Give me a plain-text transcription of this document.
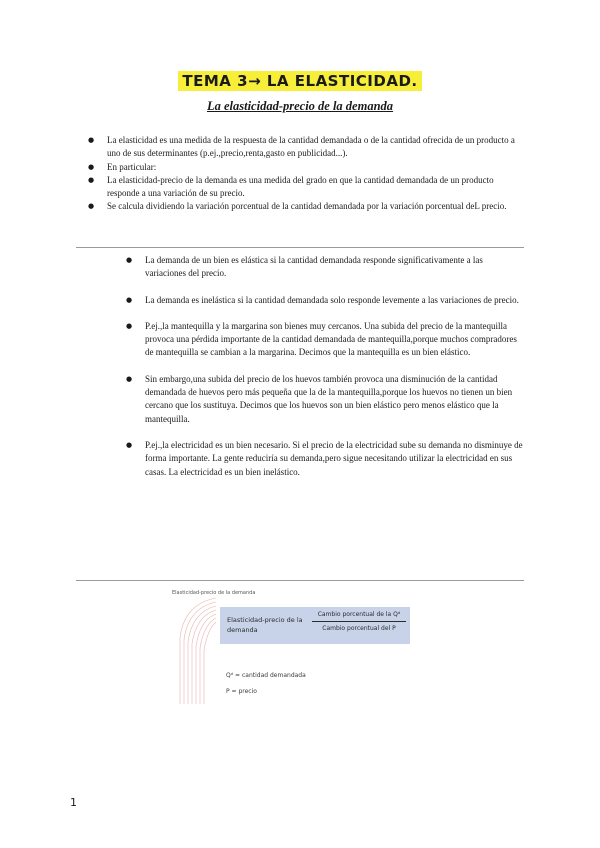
TEMA 3→ LA ELASTICIDAD.
La elasticidad-precio de la demanda
● La elasticidad es una medida de la respuesta de la cantidad demandada o de la cantidad ofrecida de un producto a uno de sus determinantes (p.ej.,precio,renta,gasto en publicidad...).
● En particular:
● La elasticidad-precio de la demanda es una medida del grado en que la cantidad demandada de un producto responde a una variación de su precio.
● Se calcula dividiendo la variación porcentual de la cantidad demandada por la variación porcentual deL precio.
● La demanda de un bien es elástica si la cantidad demandada responde significativamente a las variaciones del precio.
● La demanda es inelástica si la cantidad demandada solo responde levemente a las variaciones de precio.
● P.ej.,la mantequilla y la margarina son bienes muy cercanos. Una subida del precio de la mantequilla provoca una pérdida importante de la cantidad demandada de mantequilla,porque muchos compradores de mantequilla se cambian a la margarina. Decimos que la mantequilla es un bien elástico.
● Sin embargo,una subida del precio de los huevos también provoca una disminución de la cantidad demandada de huevos pero más pequeña que la de la mantequilla,porque los huevos no tienen un bien cercano que los sustituya. Decimos que los huevos son un bien elástico pero menos elástico que la mantequilla.
● P.ej.,la electricidad es un bien necesario. Si el precio de la electricidad sube su demanda no disminuye de forma importante. La gente reduciría su demanda,pero sigue necesitando utilizar la electricidad en sus casas. La electricidad es un bien inelástico.
Elasticidad-precio de la demanda
Elasticidad-precio de la demanda
Cambio porcentual de la Qᵈ
Cambio porcentual del P
Qᵈ = cantidad demandada
P = precio
1
